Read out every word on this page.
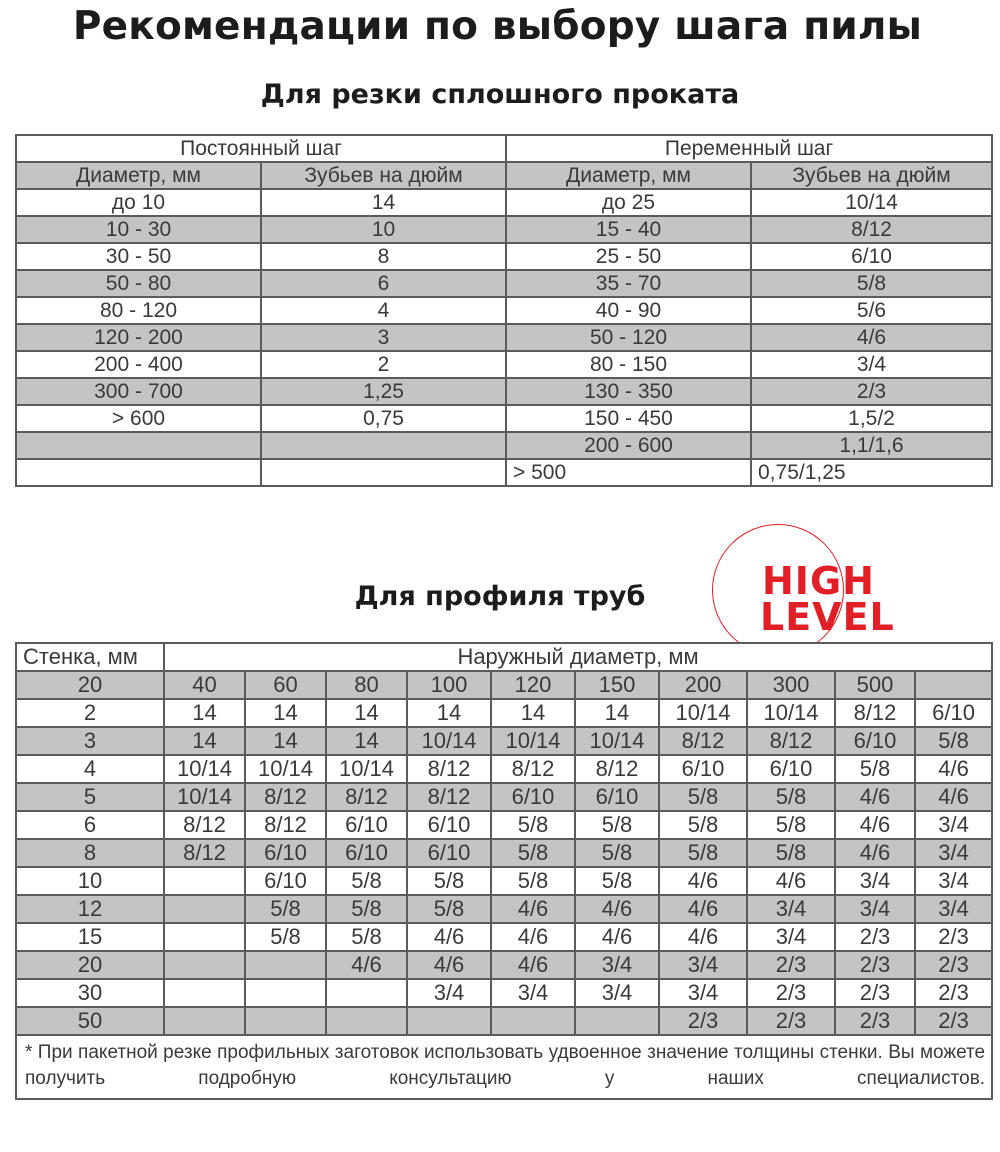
Рекомендации по выбору шага пилы
Для резки сплошного проката
Постоянный шаг		Переменный шаг	
Диаметр, мм	Зубьев на дюйм	Диаметр, мм	Зубьев на дюйм
до 10	14	до 25	10/14
10 - 30	10	15 - 40	8/12
30 - 50	8	25 - 50	6/10
50 - 80	6	35 - 70	5/8
80 - 120	4	40 - 90	5/6
120 - 200	3	50 - 120	4/6
200 - 400	2	80 - 150	3/4
300 - 700	1,25	130 - 350	2/3
> 600	0,75	150 - 450	1,5/2
		200 - 600	1,1/1,6
		> 500	0,75/1,25
Для профиля труб	HIGH
LEVEL
Стенка, мм	Наружный диаметр, мм									
20	40	60	80	100	120	150	200	300	500	
2	14	14	14	14	14	14	10/14	10/14	8/12	6/10
3	14	14	14	10/14	10/14	10/14	8/12	8/12	6/10	5/8
4	10/14	10/14	10/14	8/12	8/12	8/12	6/10	6/10	5/8	4/6
5	10/14	8/12	8/12	8/12	6/10	6/10	5/8	5/8	4/6	4/6
6	8/12	8/12	6/10	6/10	5/8	5/8	5/8	5/8	4/6	3/4
8	8/12	6/10	6/10	6/10	5/8	5/8	5/8	5/8	4/6	3/4
10		6/10	5/8	5/8	5/8	5/8	4/6	4/6	3/4	3/4
12		5/8	5/8	5/8	4/6	4/6	4/6	3/4	3/4	3/4
15		5/8	5/8	4/6	4/6	4/6	4/6	3/4	2/3	2/3
20			4/6	4/6	4/6	3/4	3/4	2/3	2/3	2/3
30				3/4	3/4	3/4	3/4	2/3	2/3	2/3
50							2/3	2/3	2/3	2/3
* При пакетной резке профильных заготовок использовать удвоенное значение толщины стенки. Вы можете получить подробную консультацию у наших специалистов.										
